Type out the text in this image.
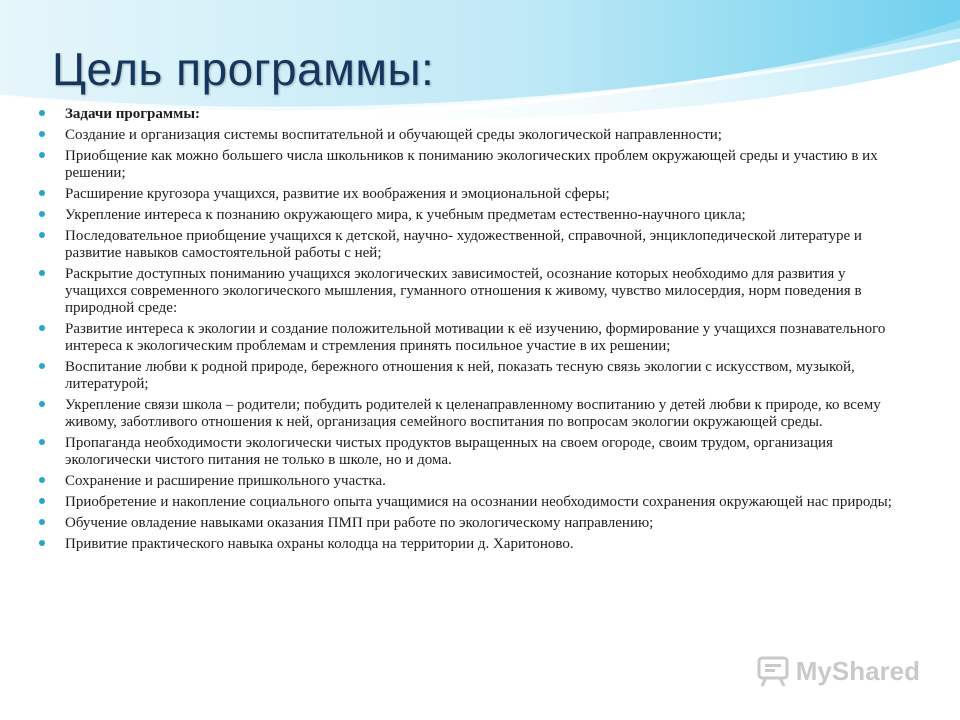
Цель программы:
Задачи программы:
Создание и организация системы воспитательной и обучающей среды экологической направленности;
Приобщение как можно большего числа школьников к пониманию экологических проблем окружающей среды и участию в их решении;
Расширение кругозора учащихся, развитие их воображения и эмоциональной сферы;
Укрепление интереса к познанию окружающего мира, к учебным предметам естественно-научного цикла;
Последовательное приобщение учащихся к детской, научно- художественной, справочной, энциклопедической литературе и развитие навыков самостоятельной работы с ней;
Раскрытие доступных пониманию учащихся экологических зависимостей, осознание которых необходимо для развития у учащихся современного экологического мышления, гуманного отношения к живому, чувство милосердия, норм поведения в природной среде:
Развитие интереса к экологии и создание положительной мотивации к её изучению, формирование у учащихся познавательного интереса к экологическим проблемам и стремления принять посильное участие в их решении;
Воспитание любви к родной природе, бережного отношения к ней, показать тесную связь экологии с искусством, музыкой, литературой;
Укрепление связи школа – родители; побудить родителей к целенаправленному воспитанию у детей любви к природе, ко всему живому, заботливого отношения к ней, организация семейного воспитания по вопросам экологии окружающей среды.
Пропаганда необходимости экологически чистых продуктов выращенных на своем огороде, своим трудом, организация экологически чистого питания не только в школе, но и дома.
Сохранение и расширение пришкольного участка.
Приобретение и накопление социального опыта учащимися на осознании необходимости сохранения окружающей нас природы;
Обучение овладение навыками оказания ПМП при работе по экологическому направлению;
Привитие практического навыка охраны колодца на территории д. Харитоново.
MyShared
